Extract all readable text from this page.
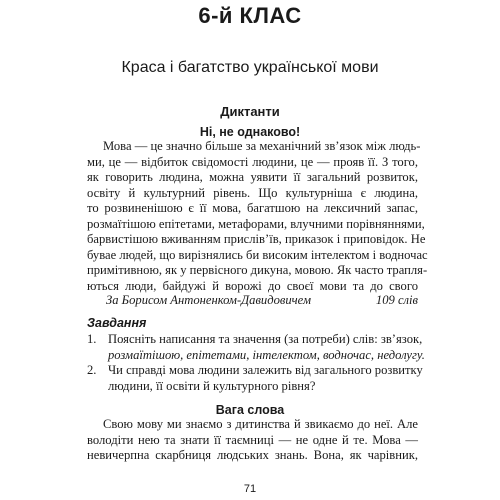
6-й КЛАС
Краса і багатство української мови
Диктанти
Ні, не однаково!
Мова — це значно більше за механічний зв’язок між людь-
ми, це — відбиток свідомості людини, це — прояв її. З того,
як говорить людина, можна уявити її загальний розвиток,
освіту й культурний рівень. Що культурніша є людина,
то розвиненішою є її мова, багатшою на лексичний запас,
розмаїтішою епітетами, метафорами, влучними порівняннями,
барвистішою вживанням прислів’їв, приказок і приповідок. Не
бувае людей, що вирізнялись би високим інтелектом і водночас
примітивною, як у первісного дикуна, мовою. Як часто трапля-
ються люди, байдужі й ворожі до своєї мови та до свого
За Борисом Антоненком-Давидовичем	109 слів
Завдання
1. Поясніть написання та значення (за потреби) слів: зв’язок,
розмаїтішою, епітетами, інтелектом, водночас, недолугу.
2. Чи справді мова людини залежить від загального розвитку
людини, її освіти й культурного рівня?
Вага слова
Свою мову ми знаємо з дитинства й звикаємо до неї. Але
володіти нею та знати її таємниці — не одне й те. Мова —
невичерпна скарбниця людських знань. Вона, як чарівник,
71
